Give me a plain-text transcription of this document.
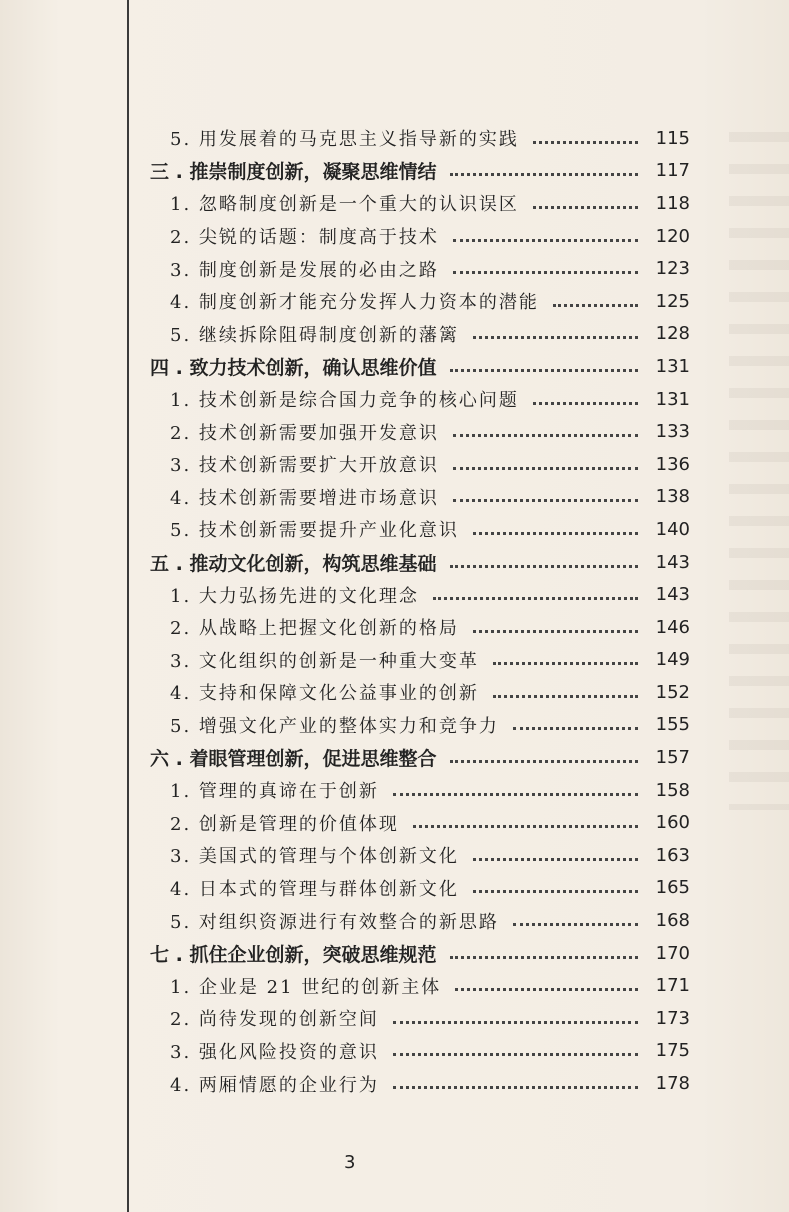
5. 用发展着的马克思主义指导新的实践	115
三 . 推崇制度创新，凝聚思维情结	117
1. 忽略制度创新是一个重大的认识误区	118
2. 尖锐的话题：制度高于技术	120
3. 制度创新是发展的必由之路	123
4. 制度创新才能充分发挥人力资本的潜能	125
5. 继续拆除阻碍制度创新的藩篱	128
四 . 致力技术创新，确认思维价值	131
1. 技术创新是综合国力竞争的核心问题	131
2. 技术创新需要加强开发意识	133
3. 技术创新需要扩大开放意识	136
4. 技术创新需要增进市场意识	138
5. 技术创新需要提升产业化意识	140
五 . 推动文化创新，构筑思维基础	143
1. 大力弘扬先进的文化理念	143
2. 从战略上把握文化创新的格局	146
3. 文化组织的创新是一种重大变革	149
4. 支持和保障文化公益事业的创新	152
5. 增强文化产业的整体实力和竞争力	155
六 . 着眼管理创新，促进思维整合	157
1. 管理的真谛在于创新	158
2. 创新是管理的价值体现	160
3. 美国式的管理与个体创新文化	163
4. 日本式的管理与群体创新文化	165
5. 对组织资源进行有效整合的新思路	168
七 . 抓住企业创新，突破思维规范	170
1. 企业是 21 世纪的创新主体	171
2. 尚待发现的创新空间	173
3. 强化风险投资的意识	175
4. 两厢情愿的企业行为	178
3
